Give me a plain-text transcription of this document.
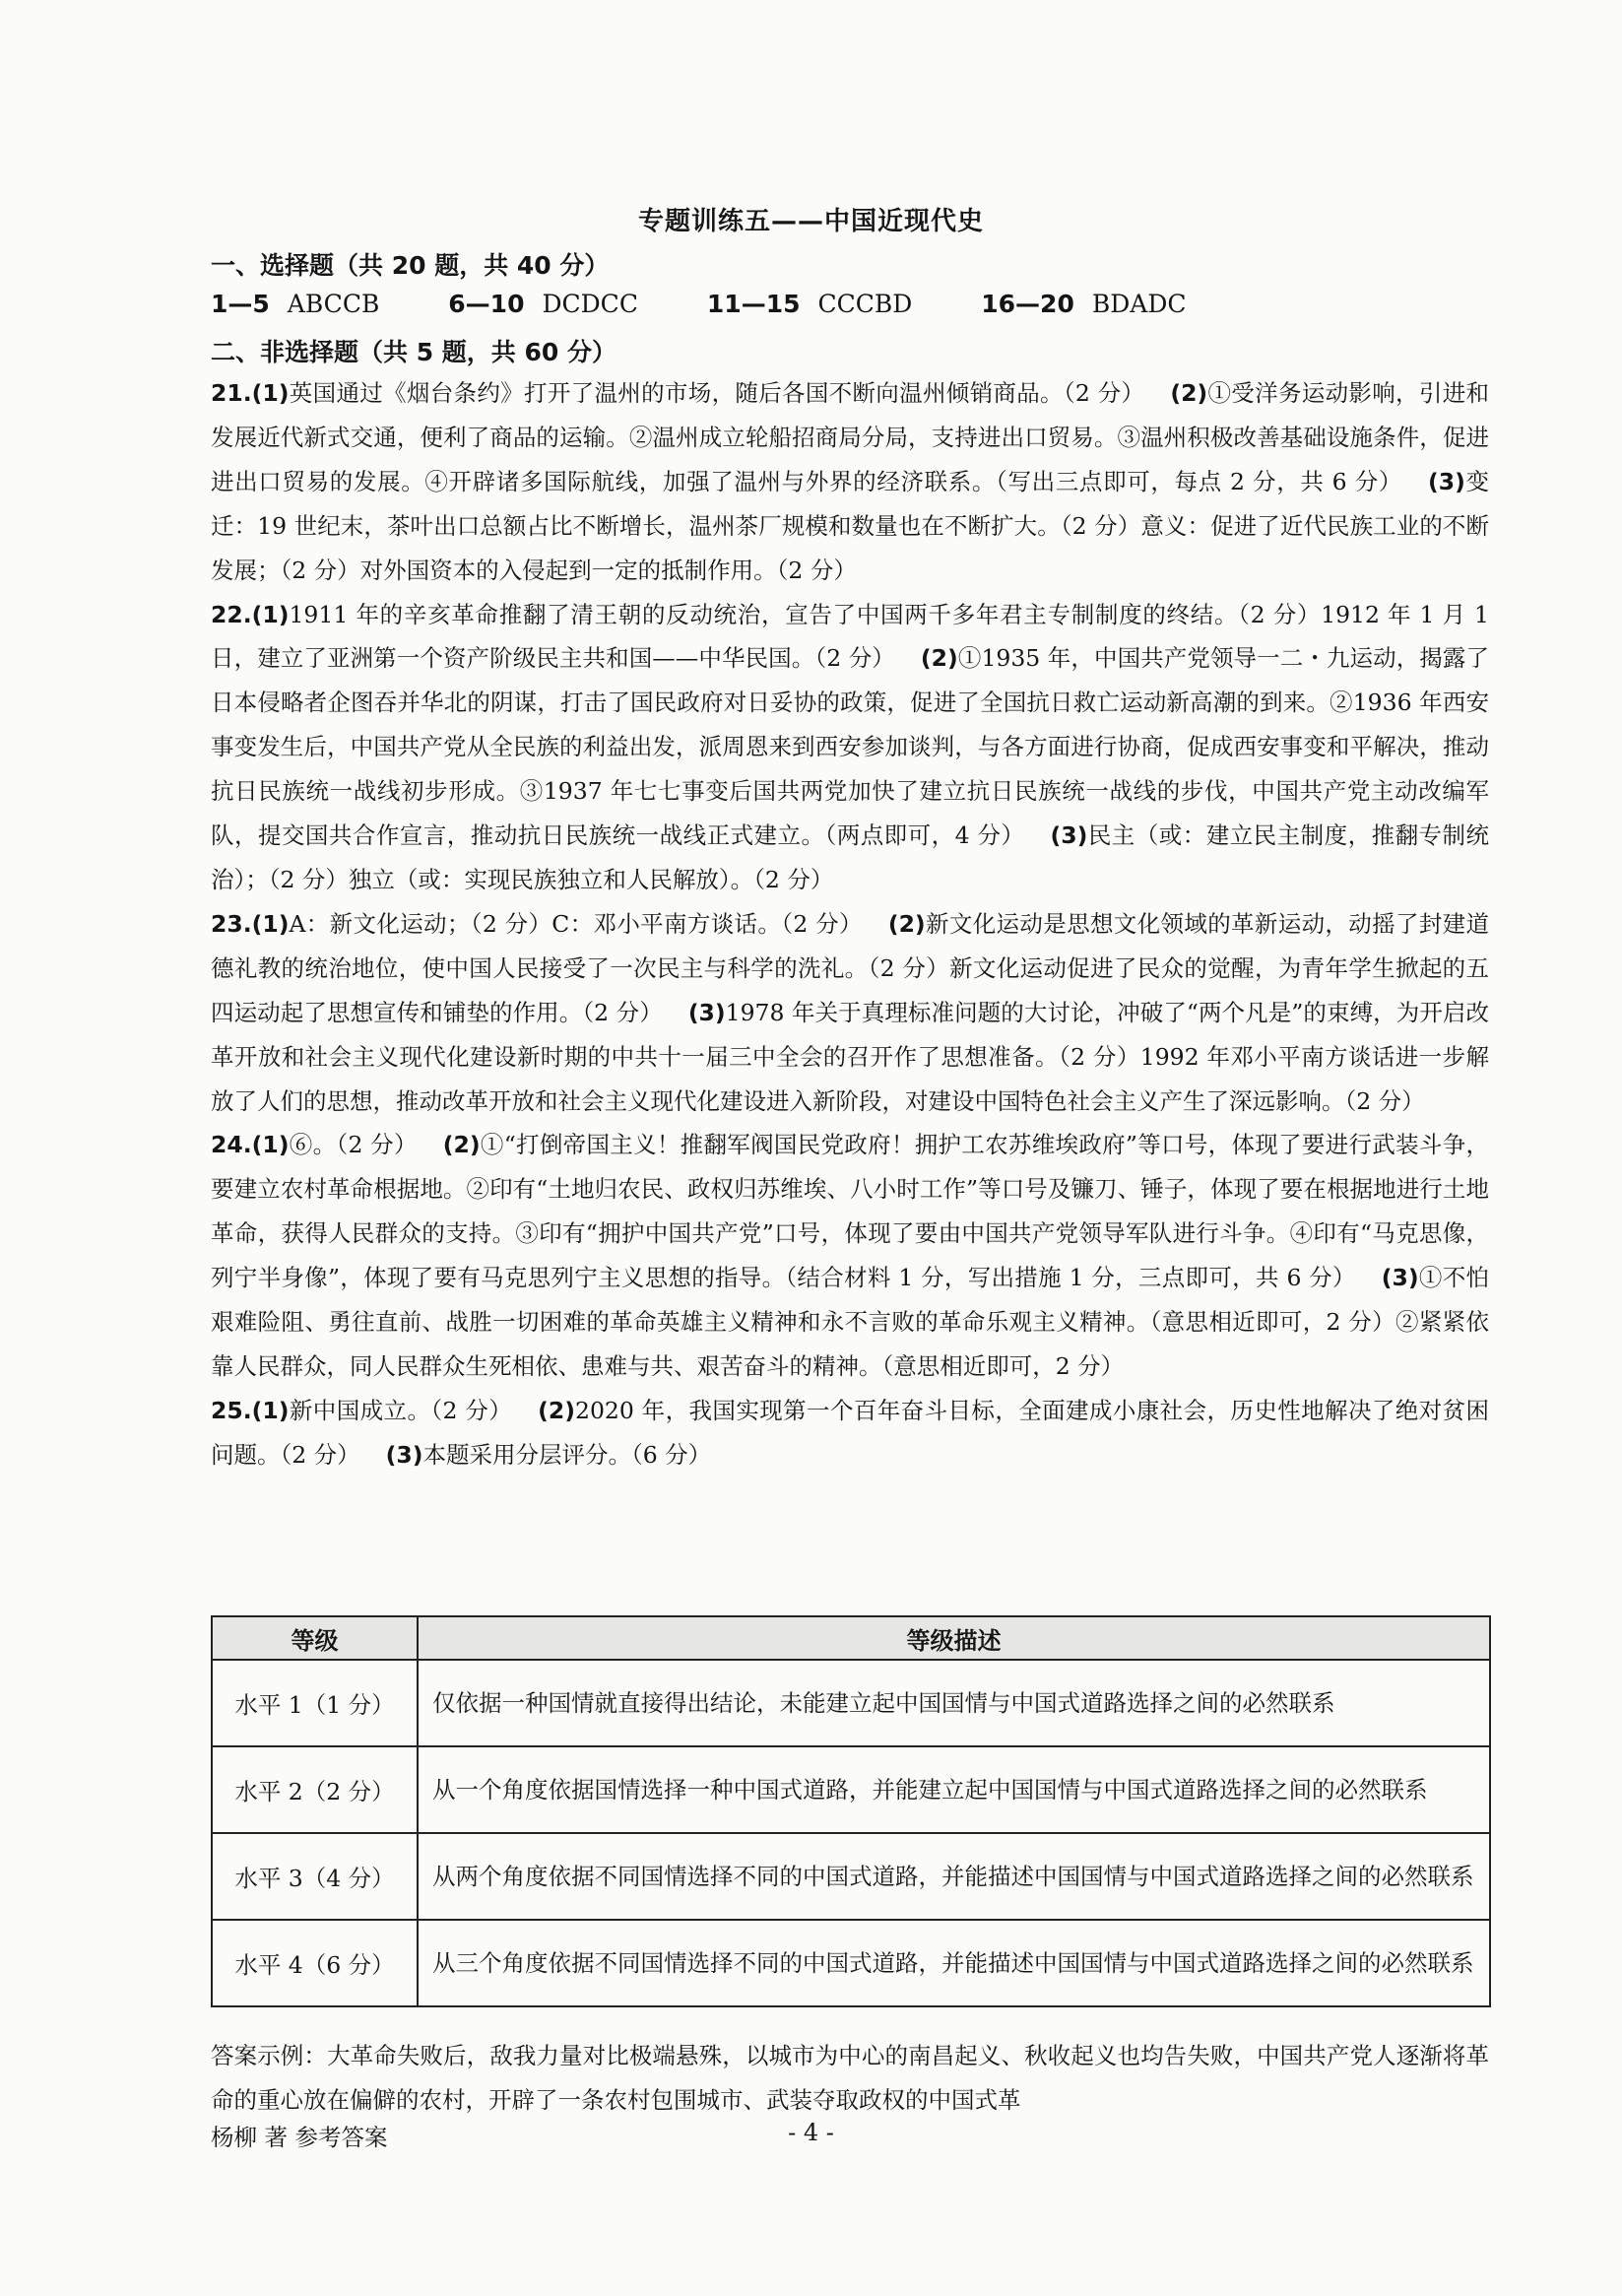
专题训练五——中国近现代史
一、选择题（共 20 题，共 40 分）
1—5 ABCCB	6—10 DCDCC	11—15 CCCBD	16—20 BDADC
二、非选择题（共 5 题，共 60 分）

21.(1)英国通过《烟台条约》打开了温州的市场，随后各国不断向温州倾销商品。（2 分） (2)①受洋务运动影响，引进和发展近代新式交通，便利了商品的运输。②温州成立轮船招商局分局，支持进出口贸易。③温州积极改善基础设施条件，促进进出口贸易的发展。④开辟诸多国际航线，加强了温州与外界的经济联系。（写出三点即可，每点 2 分，共 6 分） (3)变迁：19 世纪末，茶叶出口总额占比不断增长，温州茶厂规模和数量也在不断扩大。（2 分）意义：促进了近代民族工业的不断发展；（2 分）对外国资本的入侵起到一定的抵制作用。（2 分）

22.(1)1911 年的辛亥革命推翻了清王朝的反动统治，宣告了中国两千多年君主专制制度的终结。（2 分）1912 年 1 月 1 日，建立了亚洲第一个资产阶级民主共和国——中华民国。（2 分） (2)①1935 年，中国共产党领导一二・九运动，揭露了日本侵略者企图吞并华北的阴谋，打击了国民政府对日妥协的政策，促进了全国抗日救亡运动新高潮的到来。②1936 年西安事变发生后，中国共产党从全民族的利益出发，派周恩来到西安参加谈判，与各方面进行协商，促成西安事变和平解决，推动抗日民族统一战线初步形成。③1937 年七七事变后国共两党加快了建立抗日民族统一战线的步伐，中国共产党主动改编军队，提交国共合作宣言，推动抗日民族统一战线正式建立。（两点即可，4 分） (3)民主（或：建立民主制度，推翻专制统治）；（2 分）独立（或：实现民族独立和人民解放）。（2 分）

23.(1)A：新文化运动；（2 分）C：邓小平南方谈话。（2 分） (2)新文化运动是思想文化领域的革新运动，动摇了封建道德礼教的统治地位，使中国人民接受了一次民主与科学的洗礼。（2 分）新文化运动促进了民众的觉醒，为青年学生掀起的五四运动起了思想宣传和铺垫的作用。（2 分） (3)1978 年关于真理标准问题的大讨论，冲破了“两个凡是”的束缚，为开启改革开放和社会主义现代化建设新时期的中共十一届三中全会的召开作了思想准备。（2 分）1992 年邓小平南方谈话进一步解放了人们的思想，推动改革开放和社会主义现代化建设进入新阶段，对建设中国特色社会主义产生了深远影响。（2 分）

24.(1)⑥。（2 分） (2)①“打倒帝国主义！推翻军阀国民党政府！拥护工农苏维埃政府”等口号，体现了要进行武装斗争，要建立农村革命根据地。②印有“土地归农民、政权归苏维埃、八小时工作”等口号及镰刀、锤子，体现了要在根据地进行土地革命，获得人民群众的支持。③印有“拥护中国共产党”口号，体现了要由中国共产党领导军队进行斗争。④印有“马克思像，列宁半身像”，体现了要有马克思列宁主义思想的指导。（结合材料 1 分，写出措施 1 分，三点即可，共 6 分） (3)①不怕艰难险阻、勇往直前、战胜一切困难的革命英雄主义精神和永不言败的革命乐观主义精神。（意思相近即可，2 分）②紧紧依靠人民群众，同人民群众生死相依、患难与共、艰苦奋斗的精神。（意思相近即可，2 分）

25.(1)新中国成立。（2 分） (2)2020 年，我国实现第一个百年奋斗目标，全面建成小康社会，历史性地解决了绝对贫困问题。（2 分） (3)本题采用分层评分。（6 分）

等级	等级描述
水平 1（1 分）	仅依据一种国情就直接得出结论，未能建立起中国国情与中国式道路选择之间的必然联系
水平 2（2 分）	从一个角度依据国情选择一种中国式道路，并能建立起中国国情与中国式道路选择之间的必然联系
水平 3（4 分）	从两个角度依据不同国情选择不同的中国式道路，并能描述中国国情与中国式道路选择之间的必然联系
水平 4（6 分）	从三个角度依据不同国情选择不同的中国式道路，并能描述中国国情与中国式道路选择之间的必然联系

答案示例：大革命失败后，敌我力量对比极端悬殊，以城市为中心的南昌起义、秋收起义也均告失败，中国共产党人逐渐将革命的重心放在偏僻的农村，开辟了一条农村包围城市、武装夺取政权的中国式革

杨柳 著 参考答案	- 4 -
